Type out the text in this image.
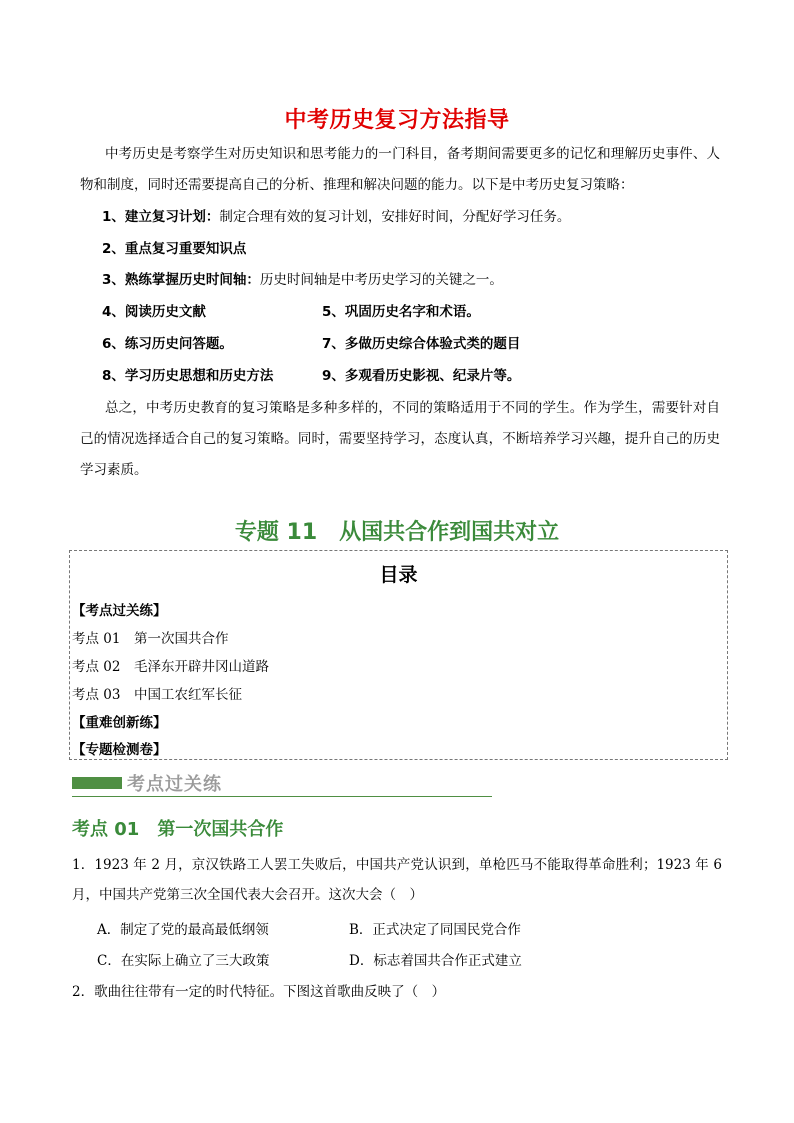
中考历史复习方法指导
中考历史是考察学生对历史知识和思考能力的一门科目，备考期间需要更多的记忆和理解历史事件、人物和制度，同时还需要提高自己的分析、推理和解决问题的能力。以下是中考历史复习策略：
1、建立复习计划：制定合理有效的复习计划，安排好时间，分配好学习任务。
2、重点复习重要知识点
3、熟练掌握历史时间轴：历史时间轴是中考历史学习的关键之一。
4、阅读历史文献	5、巩固历史名字和术语。
6、练习历史问答题。	7、多做历史综合体验式类的题目
8、学习历史思想和历史方法	9、多观看历史影视、纪录片等。
总之，中考历史教育的复习策略是多种多样的，不同的策略适用于不同的学生。作为学生，需要针对自己的情况选择适合自己的复习策略。同时，需要坚持学习，态度认真，不断培养学习兴趣，提升自己的历史学习素质。
专题 11　从国共合作到国共对立
目录
【考点过关练】
考点 01　第一次国共合作
考点 02　毛泽东开辟井冈山道路
考点 03　中国工农红军长征
【重难创新练】
【专题检测卷】
考点过关练
考点 01　第一次国共合作
1．1923 年 2 月，京汉铁路工人罢工失败后，中国共产党认识到，单枪匹马不能取得革命胜利；1923 年 6 月，中国共产党第三次全国代表大会召开。这次大会（　）
A．制定了党的最高最低纲领	B．正式决定了同国民党合作
C．在实际上确立了三大政策	D．标志着国共合作正式建立
2．歌曲往往带有一定的时代特征。下图这首歌曲反映了（　）
